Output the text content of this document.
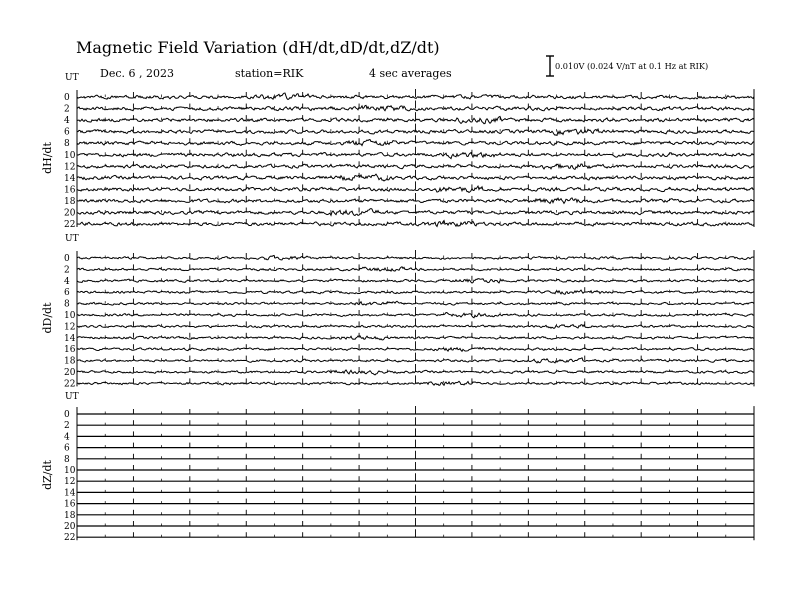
Magnetic Field Variation (dH/dt,dD/dt,dZ/dt)
Dec. 6 , 2023	station=RIK	4 sec averages
0.010V (0.024 V/nT at 0.1 Hz at RIK)
UT
dH/dt
0
2
4
6
8
10
12
14
16
18
20
22
UT
dD/dt
0
2
4
6
8
10
12
14
16
18
20
22
UT
dZ/dt
0
2
4
6
8
10
12
14
16
18
20
22
